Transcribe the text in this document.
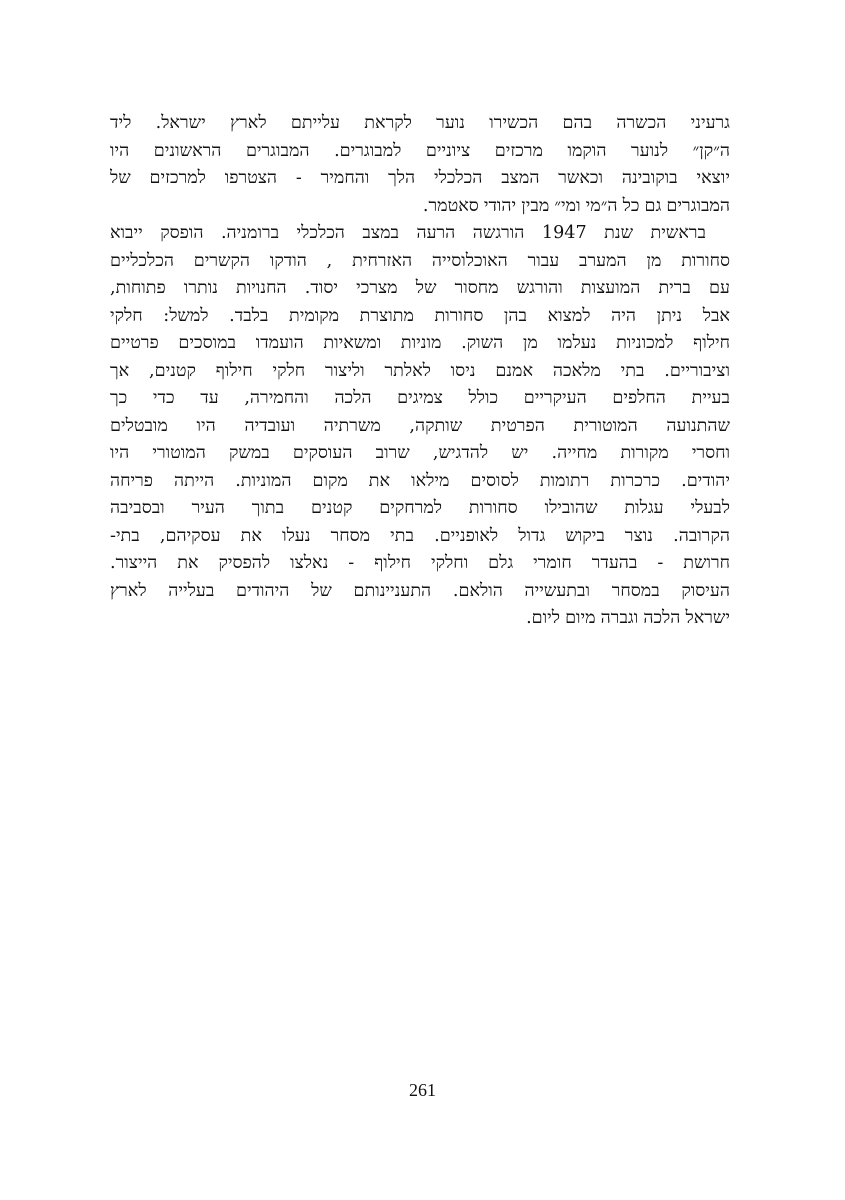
גרעיני הכשרה בהם הכשירו נוער לקראת עלייתם לארץ ישראל. ליד
ה״קן״ לנוער הוקמו מרכזים ציוניים למבוגרים. המבוגרים הראשונים היו
יוצאי בוקובינה וכאשר המצב הכלכלי הלך והחמיר - הצטרפו למרכזים של
המבוגרים גם כל ה״מי ומי״ מבין יהודי סאטמר.
בראשית שנת 1947 הורגשה הרעה במצב הכלכלי ברומניה. הופסק ייבוא
סחורות מן המערב עבור האוכלוסייה האזרחית , הודקו הקשרים הכלכליים
עם ברית המועצות והורגש מחסור של מצרכי יסוד. החנויות נותרו פתוחות,
אבל ניתן היה למצוא בהן סחורות מתוצרת מקומית בלבד. למשל: חלקי
חילוף למכוניות נעלמו מן השוק. מוניות ומשאיות הועמדו במוסכים פרטיים
וציבוריים. בתי מלאכה אמנם ניסו לאלתר וליצור חלקי חילוף קטנים, אך
בעיית החלפים העיקריים כולל צמיגים הלכה והחמירה, עד כדי כך
שהתנועה המוטורית הפרטית שותקה, משרתיה ועובדיה היו מובטלים
וחסרי מקורות מחייה. יש להדגיש, שרוב העוסקים במשק המוטורי היו
יהודים. כרכרות רתומות לסוסים מילאו את מקום המוניות. הייתה פריחה
לבעלי עגלות שהובילו סחורות למרחקים קטנים בתוך העיר ובסביבה
הקרובה. נוצר ביקוש גדול לאופניים. בתי מסחר נעלו את עסקיהם, בתי-
חרושת - בהעדר חומרי גלם וחלקי חילוף - נאלצו להפסיק את הייצור.
העיסוק במסחר ובתעשייה הולאם. התעניינותם של היהודים בעלייה לארץ
ישראל הלכה וגברה מיום ליום.
261
